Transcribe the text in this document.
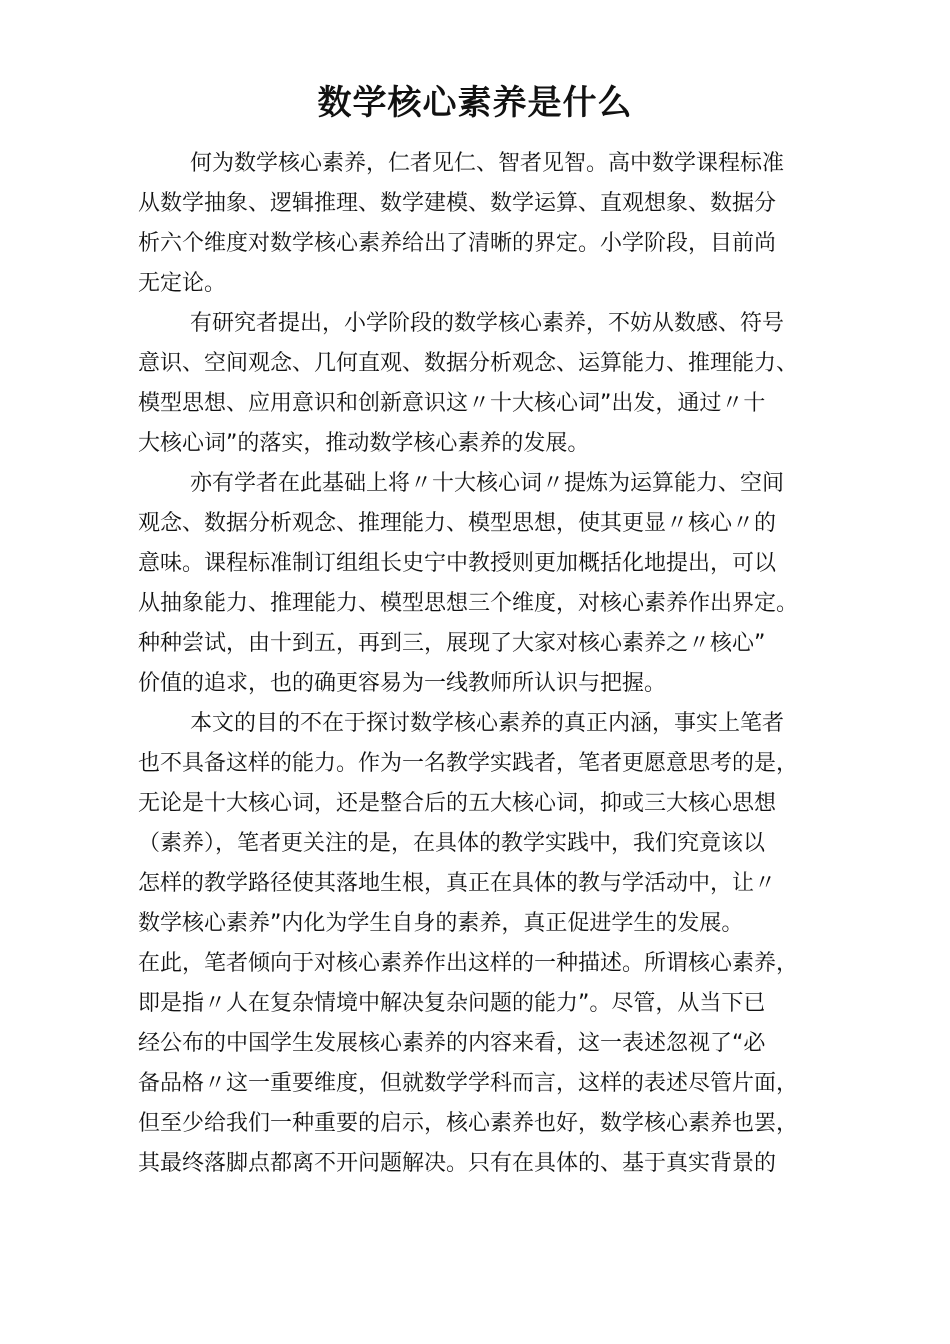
数学核心素养是什么
何为数学核心素养，仁者见仁、智者见智。高中数学课程标准
从数学抽象、逻辑推理、数学建模、数学运算、直观想象、数据分
析六个维度对数学核心素养给出了清晰的界定。小学阶段，目前尚
无定论。
有研究者提出，小学阶段的数学核心素养，不妨从数感、符号
意识、空间观念、几何直观、数据分析观念、运算能力、推理能力、
模型思想、应用意识和创新意识这〃十大核心词”出发，通过〃十
大核心词”的落实，推动数学核心素养的发展。
亦有学者在此基础上将〃十大核心词〃提炼为运算能力、空间
观念、数据分析观念、推理能力、模型思想，使其更显〃核心〃的
意味。课程标准制订组组长史宁中教授则更加概括化地提出，可以
从抽象能力、推理能力、模型思想三个维度，对核心素养作出界定。
种种尝试，由十到五，再到三，展现了大家对核心素养之〃核心”
价值的追求，也的确更容易为一线教师所认识与把握。
本文的目的不在于探讨数学核心素养的真正内涵，事实上笔者
也不具备这样的能力。作为一名教学实践者，笔者更愿意思考的是，
无论是十大核心词，还是整合后的五大核心词，抑或三大核心思想
（素养），笔者更关注的是，在具体的教学实践中，我们究竟该以
怎样的教学路径使其落地生根，真正在具体的教与学活动中，让〃
数学核心素养”内化为学生自身的素养，真正促进学生的发展。
在此，笔者倾向于对核心素养作出这样的一种描述。所谓核心素养，
即是指〃人在复杂情境中解决复杂问题的能力”。尽管，从当下已
经公布的中国学生发展核心素养的内容来看，这一表述忽视了“必
备品格〃这一重要维度，但就数学学科而言，这样的表述尽管片面，
但至少给我们一种重要的启示，核心素养也好，数学核心素养也罢，
其最终落脚点都离不开问题解决。只有在具体的、基于真实背景的
